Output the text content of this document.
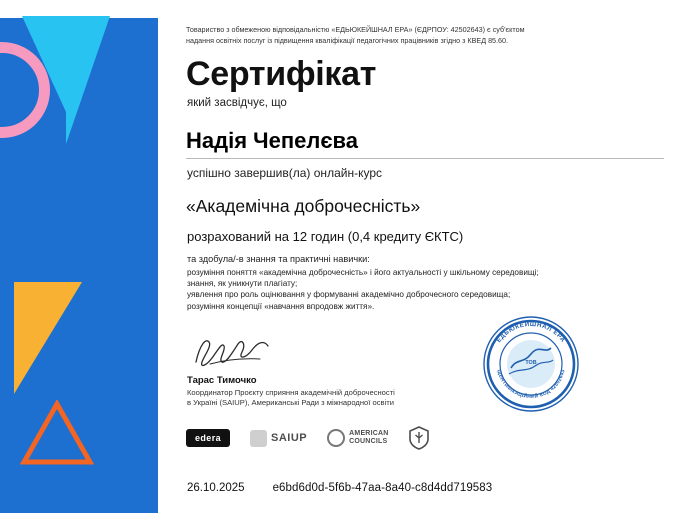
Товариство з обмеженою відповідальністю «ЕДЬЮКЕЙШНАЛ ЕРА» (ЄДРПОУ: 42502643) є суб'єктом
надання освітніх послуг із підвищення кваліфікації педагогічних працівників згідно з КВЕД 85.60.
Сертифікат
який засвідчує, що
Надія Чепелєва
успішно завершив(ла) онлайн-курс
«Академічна доброчесність»
розрахований на 12 годин (0,4 кредиту ЄКТС)
та здобула/-в знання та практичні навички:
розуміння поняття «академічна доброчесність» і його актуальності у шкільному середовищі;
знання, як уникнути плагіату;
уявлення про роль оцінювання у формуванні академічно доброчесного середовища;
розуміння концепції «навчання впродовж життя».
Тарас Тимочко
Координатор Проєкту сприяння академічній доброчесності
в Україні (SAIUP), Американські Ради з міжнародної освіти
ЕДЬЮКЕЙШНАЛ ЕРА
ІДЕНТИФІКАЦІЙНИЙ КОД 42502643
ТОВ
edera	SAIUP	AMERICAN
COUNCILS
26.10.2025 e6bd6d0d-5f6b-47aa-8a40-c8d4dd719583
